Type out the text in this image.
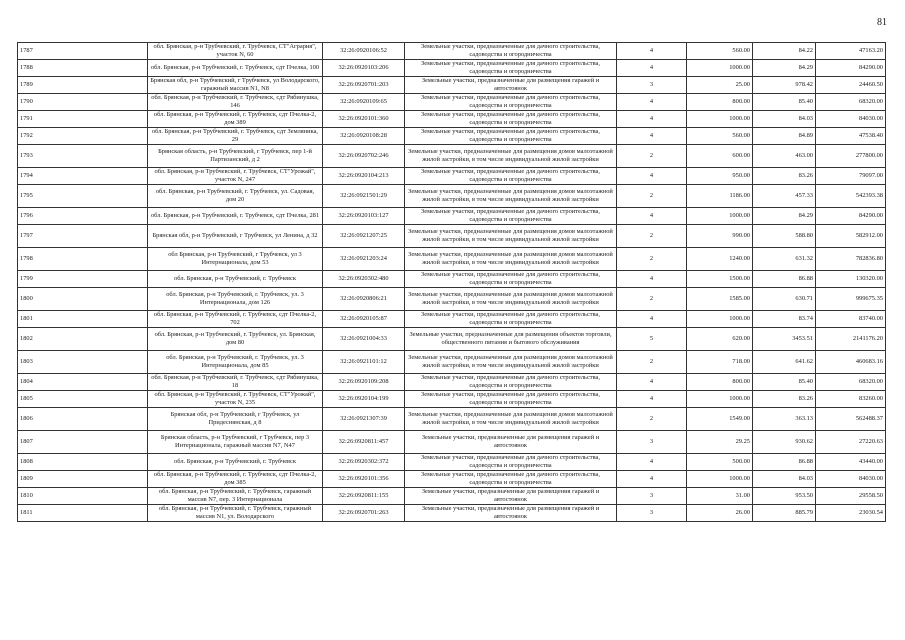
81
1787	обл. Брянская, р-н Трубчевский, г. Трубчевск, СТ"Агрария", участок N, 60	32:26:0920106:52	Земельные участки, предназначенные для дачного строительства, садоводства и огородничества	4	560.00	84.22	47163.20
1788	обл. Брянская, р-н Трубчевский, г. Трубчевск, сдт Пчелка, 100	32:26:0920103:206	Земельные участки, предназначенные для дачного строительства, садоводства и огородничества	4	1000.00	84.29	84290.00
1789	Брянская обл, р-н Трубчевский, г Трубчевск, ул Володарского, гаражный массив N1, N8	32:26:0920701:203	Земельные участки, предназначенные для размещения гаражей и автостоянок	3	25.00	978.42	24460.50
1790	обл. Брянская, р-н Трубчевский, г. Трубчевск, сдт Рябинушка, 146	32:26:0920109:65	Земельные участки, предназначенные для дачного строительства, садоводства и огородничества	4	800.00	85.40	68320.00
1791	обл. Брянская, р-н Трубчевский, г. Трубчевск, сдт Пчелка-2, дом 389	32:26:0920101:360	Земельные участки, предназначенные для дачного строительства, садоводства и огородничества	4	1000.00	84.03	84030.00
1792	обл. Брянская, р-н Трубчевский, г. Трубчевск, сдт Земляника, 29	32:26:0920108:28	Земельные участки, предназначенные для дачного строительства, садоводства и огородничества	4	560.00	84.89	47538.40
1793	Брянская область, р-н Трубчевский, г Трубчевск, пер 1-й Партизанский, д 2	32:26:0920702:246	Земельные участки, предназначенные для размещения домов малоэтажной жилой застройки, в том числе индивидуальной жилой застройки	2	600.00	463.00	277800.00
1794	обл. Брянская, р-н Трубчевский, г. Трубчевск, СТ"Урожай", участок N, 247	32:26:0920104:213	Земельные участки, предназначенные для дачного строительства, садоводства и огородничества	4	950.00	83.26	79097.00
1795	обл. Брянская, р-н Трубчевский, г. Трубчевск, ул. Садовая, дом 20	32:26:0921501:29	Земельные участки, предназначенные для размещения домов малоэтажной жилой застройки, в том числе индивидуальной жилой застройки	2	1186.00	457.33	542393.38
1796	обл. Брянская, р-н Трубчевский, г. Трубчевск, сдт Пчелка, 281	32:26:0920103:127	Земельные участки, предназначенные для дачного строительства, садоводства и огородничества	4	1000.00	84.29	84290.00
1797	Брянская обл, р-н Трубчевский, г Трубчевск, ул Ленина, д 32	32:26:0921207:25	Земельные участки, предназначенные для размещения домов малоэтажной жилой застройки, в том числе индивидуальной жилой застройки	2	990.00	588.80	582912.00
1798	обл Брянская, р-н Трубчевский, г Трубчевск, ул 3 Интернационала, дом 53	32:26:0921203:24	Земельные участки, предназначенные для размещения домов малоэтажной жилой застройки, в том числе индивидуальной жилой застройки	2	1240.00	631.32	782836.80
1799	обл. Брянская, р-н Трубчевский, г. Трубчевск	32:26:0920302:480	Земельные участки, предназначенные для дачного строительства, садоводства и огородничества	4	1500.00	86.88	130320.00
1800	обл. Брянская, р-н Трубчевский, г. Трубчевск, ул. 3 Интернационала, дом 126	32:26:0920806:21	Земельные участки, предназначенные для размещения домов малоэтажной жилой застройки, в том числе индивидуальной жилой застройки	2	1585.00	630.71	999675.35
1801	обл. Брянская, р-н Трубчевский, г. Трубчевск, сдт Пчелка-2, 702	32:26:0920105:87	Земельные участки, предназначенные для дачного строительства, садоводства и огородничества	4	1000.00	83.74	83740.00
1802	обл. Брянская, р-н Трубчевский, г. Трубчевск, ул. Брянская, дом 80	32:26:0921004:33	Земельные участки, предназначенные для размещения объектов торговли, общественного питания и бытового обслуживания	5	620.00	3453.51	2141176.20
1803	обл. Брянская, р-н Трубчевский, г. Трубчевск, ул. 3 Интернационала, дом 85	32:26:0921101:12	Земельные участки, предназначенные для размещения домов малоэтажной жилой застройки, в том числе индивидуальной жилой застройки	2	718.00	641.62	460683.16
1804	обл. Брянская, р-н Трубчевский, г. Трубчевск, сдт Рябинушка, 18	32:26:0920109:208	Земельные участки, предназначенные для дачного строительства, садоводства и огородничества	4	800.00	85.40	68320.00
1805	обл. Брянская, р-н Трубчевский, г. Трубчевск, СТ"Урожай", участок N, 235	32:26:0920104:199	Земельные участки, предназначенные для дачного строительства, садоводства и огородничества	4	1000.00	83.26	83260.00
1806	Брянская обл, р-н Трубчевский, г Трубчевск, ул Придеснянская, д 8	32:26:0921307:39	Земельные участки, предназначенные для размещения домов малоэтажной жилой застройки, в том числе индивидуальной жилой застройки	2	1549.00	363.13	562488.37
1807	Брянская область, р-н Трубчевский, г Трубчевск, пер 3 Интернационала, гаражный массив N7, N47	32:26:0920811:457	Земельные участки, предназначенные для размещения гаражей и автостоянок	3	29.25	930.62	27220.63
1808	обл. Брянская, р-н Трубчевский, г. Трубчевск	32:26:0920302:372	Земельные участки, предназначенные для дачного строительства, садоводства и огородничества	4	500.00	86.88	43440.00
1809	обл. Брянская, р-н Трубчевский, г. Трубчевск, сдт Пчелка-2, дом 385	32:26:0920101:356	Земельные участки, предназначенные для дачного строительства, садоводства и огородничества	4	1000.00	84.03	84030.00
1810	обл. Брянская, р-н Трубчевский, г. Трубчевск, гаражный массив N7, пер. 3 Интернационала	32:26:0920811:155	Земельные участки, предназначенные для размещения гаражей и автостоянок	3	31.00	953.50	29558.50
1811	обл. Брянская, р-н Трубчевский, г. Трубчевск, гаражный массив N1, ул. Володарского	32:26:0920701:263	Земельные участки, предназначенные для размещения гаражей и автостоянок	3	26.00	885.79	23030.54
